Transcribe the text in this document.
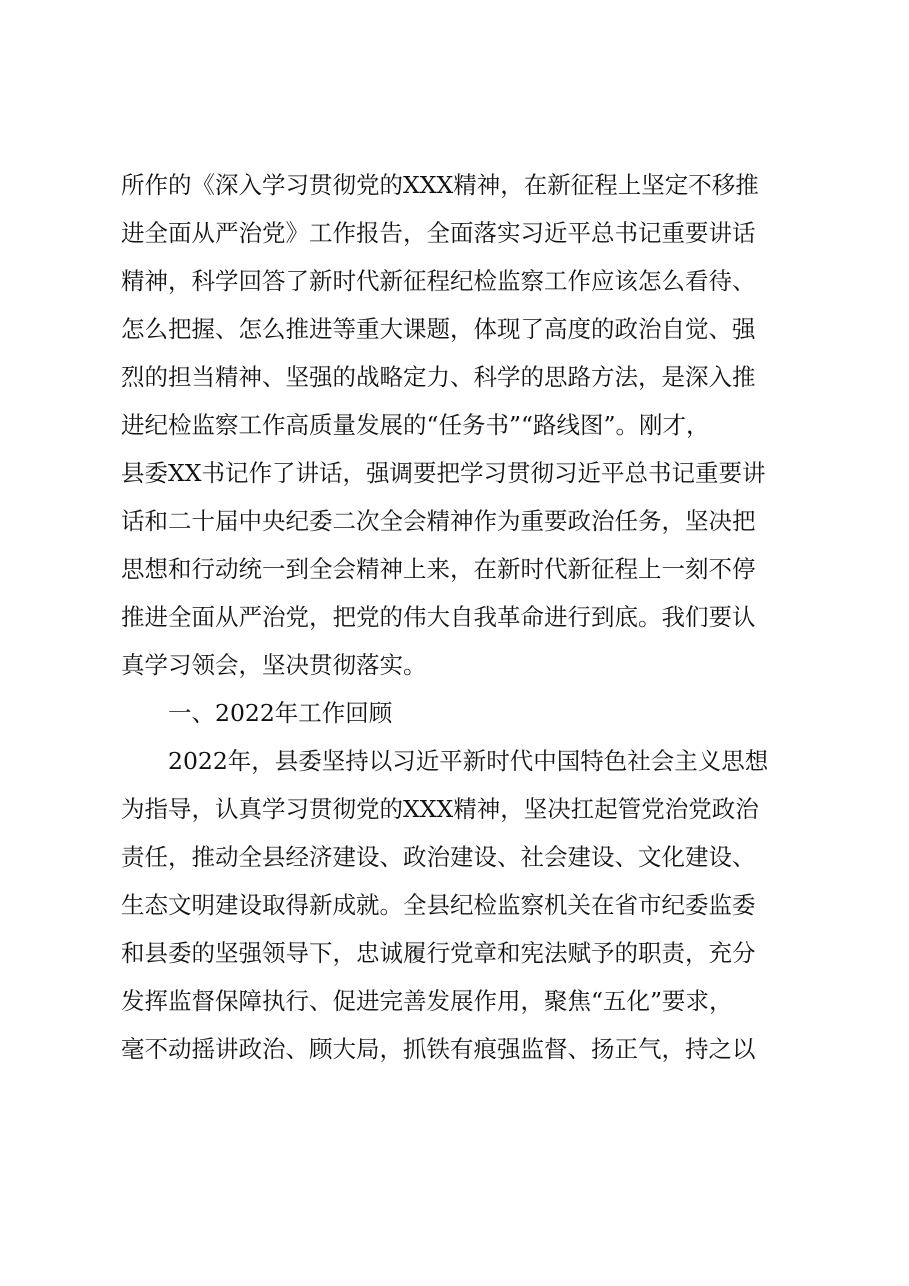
所作的《深入学习贯彻党的XXX精神，在新征程上坚定不移推
进全面从严治党》工作报告，全面落实习近平总书记重要讲话
精神，科学回答了新时代新征程纪检监察工作应该怎么看待、
怎么把握、怎么推进等重大课题，体现了高度的政治自觉、强
烈的担当精神、坚强的战略定力、科学的思路方法，是深入推
进纪检监察工作高质量发展的“任务书”“路线图”。刚才，
县委XX书记作了讲话，强调要把学习贯彻习近平总书记重要讲
话和二十届中央纪委二次全会精神作为重要政治任务，坚决把
思想和行动统一到全会精神上来，在新时代新征程上一刻不停
推进全面从严治党，把党的伟大自我革命进行到底。我们要认
真学习领会，坚决贯彻落实。
一、2022年工作回顾
2022年，县委坚持以习近平新时代中国特色社会主义思想
为指导，认真学习贯彻党的XXX精神，坚决扛起管党治党政治
责任，推动全县经济建设、政治建设、社会建设、文化建设、
生态文明建设取得新成就。全县纪检监察机关在省市纪委监委
和县委的坚强领导下，忠诚履行党章和宪法赋予的职责，充分
发挥监督保障执行、促进完善发展作用，聚焦“五化”要求，
毫不动摇讲政治、顾大局，抓铁有痕强监督、扬正气，持之以
